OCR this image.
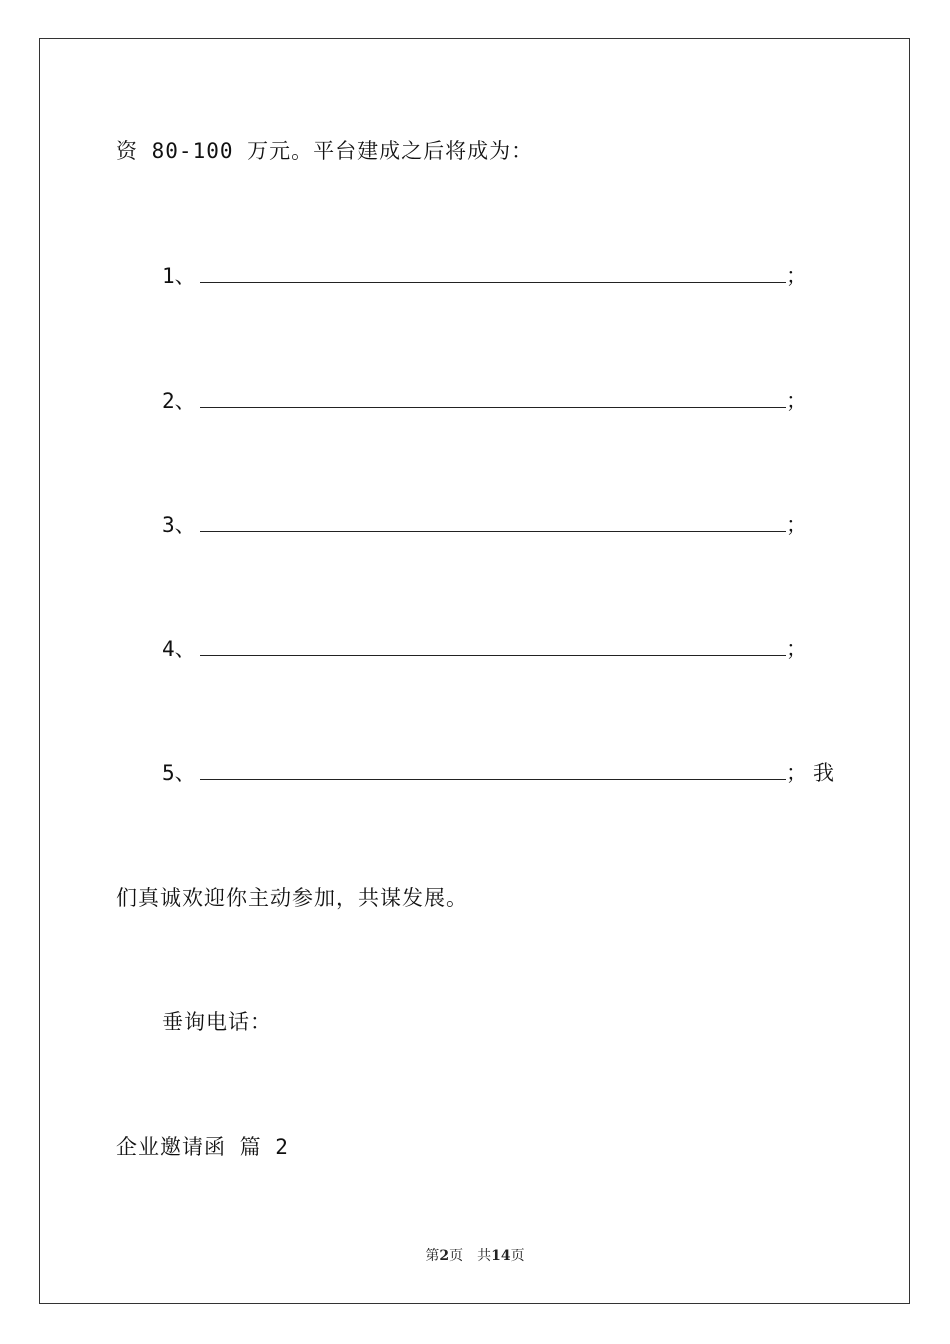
资 80-100 万元。平台建成之后将成为：
1、	；
2、	；
3、	；
4、	；
5、	； 我
们真诚欢迎你主动参加，共谋发展。
垂询电话：
企业邀请函 篇 2
第2页 共14页
